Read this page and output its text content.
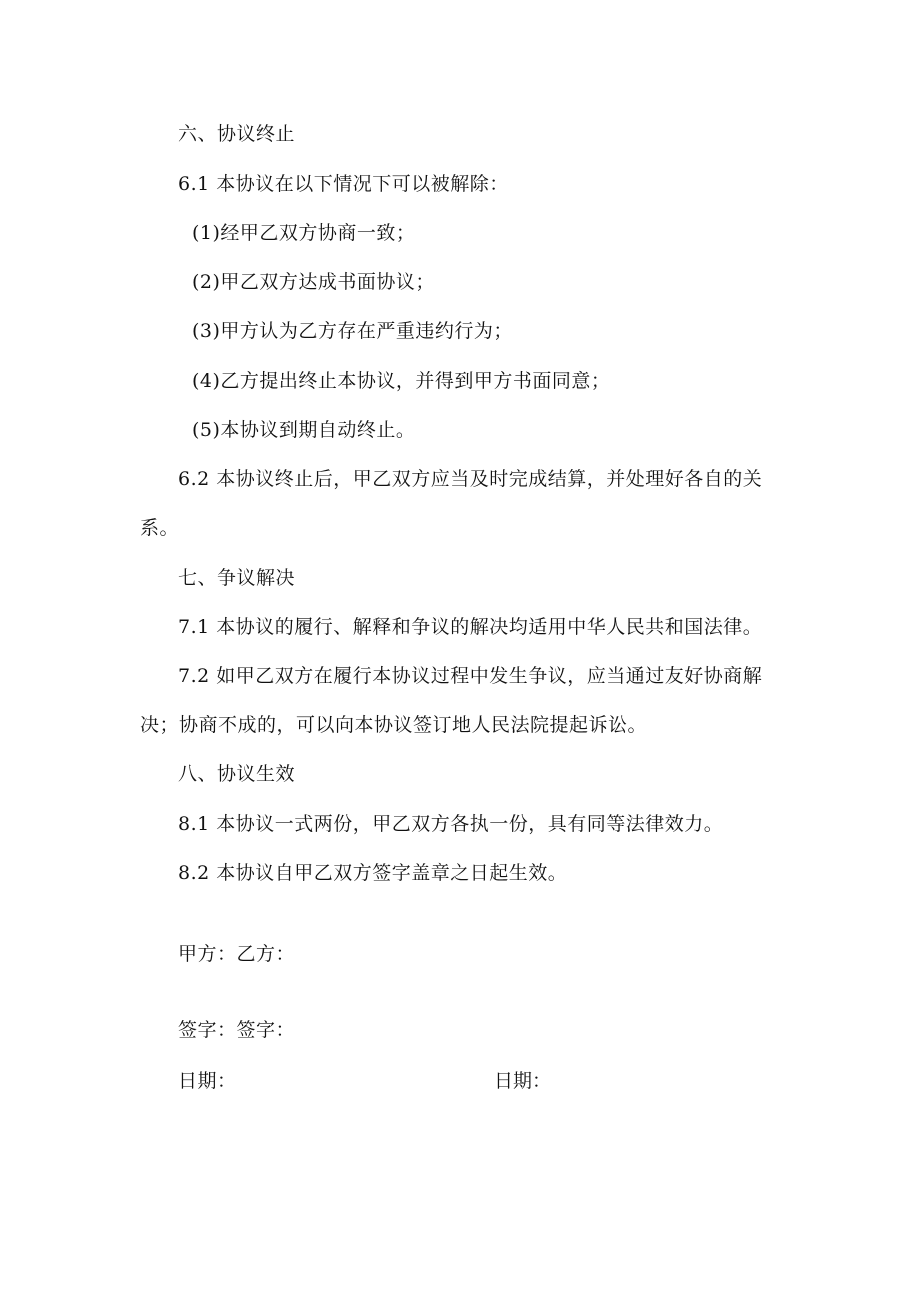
六、协议终止
6.1 本协议在以下情况下可以被解除：
(1)经甲乙双方协商一致；
(2)甲乙双方达成书面协议；
(3)甲方认为乙方存在严重违约行为；
(4)乙方提出终止本协议，并得到甲方书面同意；
(5)本协议到期自动终止。
6.2 本协议终止后，甲乙双方应当及时完成结算，并处理好各自的关
系。
七、争议解决
7.1 本协议的履行、解释和争议的解决均适用中华人民共和国法律。
7.2 如甲乙双方在履行本协议过程中发生争议，应当通过友好协商解
决；协商不成的，可以向本协议签订地人民法院提起诉讼。
八、协议生效
8.1 本协议一式两份，甲乙双方各执一份，具有同等法律效力。
8.2 本协议自甲乙双方签字盖章之日起生效。
甲方：乙方：
签字：签字：
日期：	日期：
